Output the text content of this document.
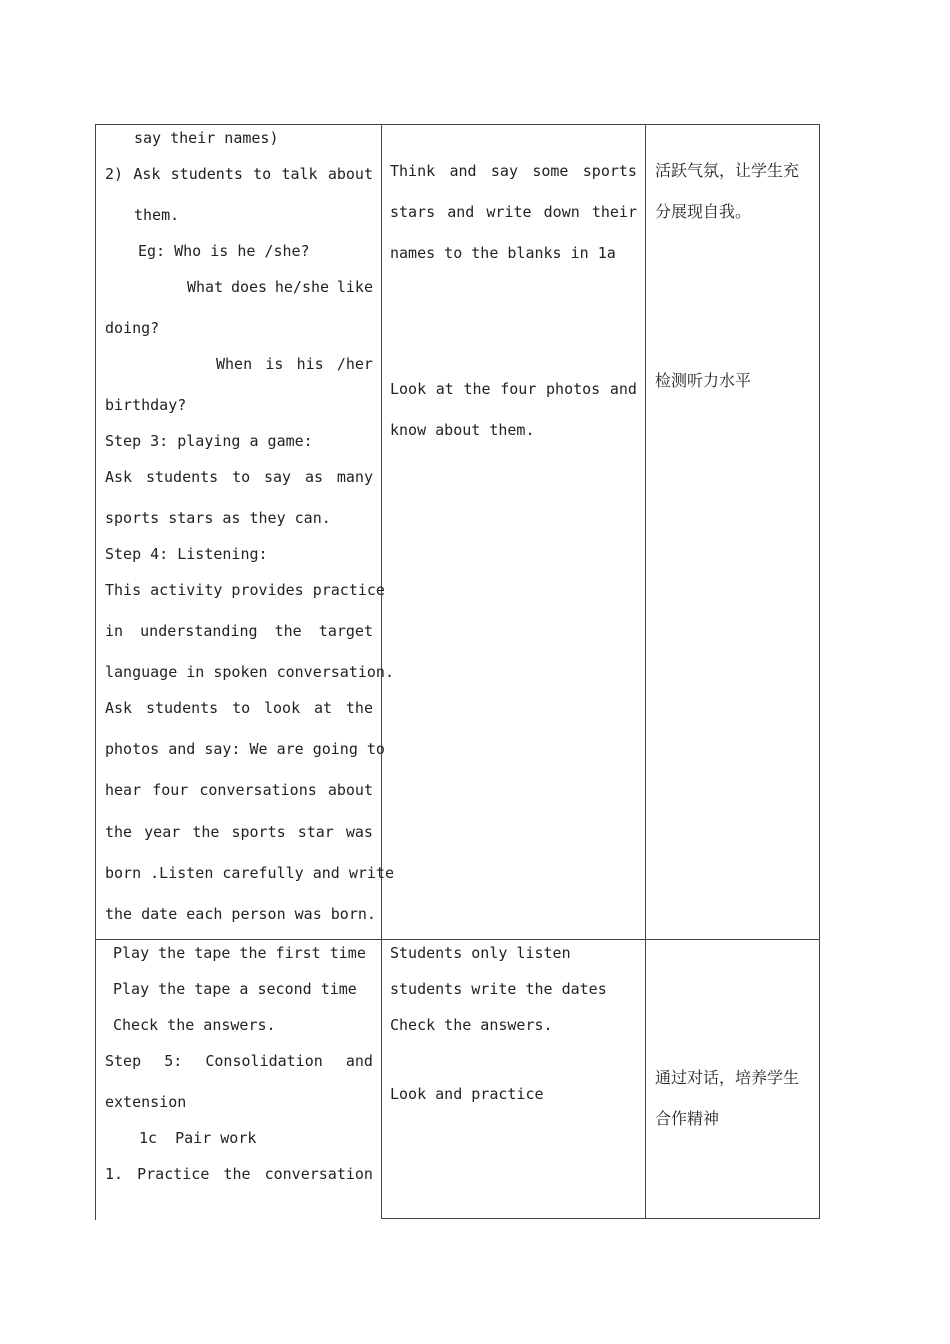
say their names)
2) Ask students to talk about
them.
Eg: Who is he /she?
What does he/she like
doing?
When is his /her
birthday?
Step 3: playing a game:
Ask students to say as many
sports stars as they can.
Step 4: Listening:
This activity provides practice
in understanding the target
language in spoken conversation.
Ask students to look at the
photos and say: We are going to
hear four conversations about
the year the sports star was
born .Listen carefully and write
the date each person was born.
Think and say some sports
stars and write down their
names to the blanks in 1a
Look at the four photos and
know about them.
活跃气氛，让学生充
分展现自我。
检测听力水平
Play the tape the first time
Play the tape a second time
Check the answers.
Step 5: Consolidation and
extension
1c  Pair work
1. Practice the conversation
Students only listen
students write the dates
Check the answers.
Look and practice
通过对话，培养学生
合作精神
